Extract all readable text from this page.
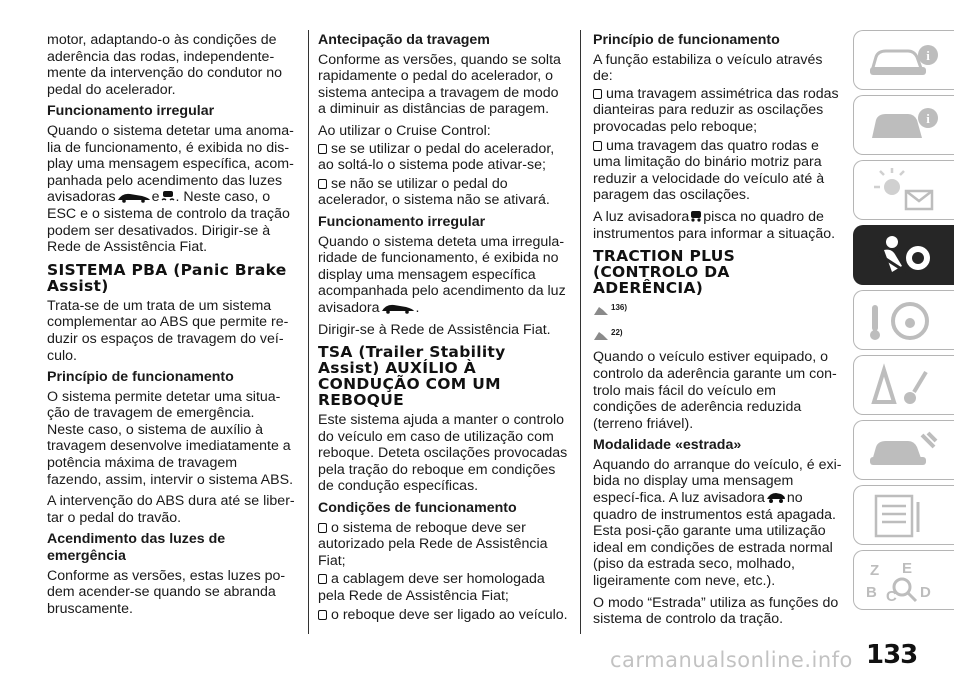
motor, adaptando-o às condições de aderência das rodas, independente-mente da intervenção do condutor no pedal do acelerador.

Funcionamento irregular

Quando o sistema detetar uma anoma-lia de funcionamento, é exibida no dis-play uma mensagem específica, acom-panhada pelo acendimento das luzes avisadoras	e . Neste caso, o ESC e o sistema de controlo da tração podem ser desativados. Dirigir-se à Rede de Assistência Fiat.

SISTEMA PBA (Panic Brake Assist)

Trata-se de um trata de um sistema complementar ao ABS que permite re-duzir os espaços de travagem do veí-culo.

Princípio de funcionamento

O sistema permite detetar uma situa-ção de travagem de emergência. Neste caso, o sistema de auxílio à travagem desenvolve imediatamente a potência máxima de travagem fazendo, assim, intervir o sistema ABS.

A intervenção do ABS dura até se liber-tar o pedal do travão.

Acendimento das luzes de emergência

Conforme as versões, estas luzes po-dem acender-se quando se abranda bruscamente.

Antecipação da travagem

Conforme as versões, quando se solta rapidamente o pedal do acelerador, o sistema antecipa a travagem de modo a diminuir as distâncias de paragem.

Ao utilizar o Cruise Control:

se se utilizar o pedal do acelerador, ao soltá-lo o sistema pode ativar-se;
se não se utilizar o pedal do acelerador, o sistema não se ativará.
Funcionamento irregular

Quando o sistema deteta uma irregula-ridade de funcionamento, é exibida no display uma mensagem específica acompanhada pelo acendimento da luz avisadora	.

Dirigir-se à Rede de Assistência Fiat.

TSA (Trailer Stability Assist) AUXÍLIO À CONDUÇÃO COM UM REBOQUE

Este sistema ajuda a manter o controlo do veículo em caso de utilização com reboque. Deteta oscilações provocadas pela tração do reboque em condições de condução específicas.

Condições de funcionamento
o sistema de reboque deve ser autorizado pela Rede de Assistência Fiat;
a cablagem deve ser homologada pela Rede de Assistência Fiat;
o reboque deve ser ligado ao veículo.
Princípio de funcionamento

A função estabiliza o veículo através de:

uma travagem assimétrica das rodas dianteiras para reduzir as oscilações provocadas pelo reboque;
uma travagem das quatro rodas e uma limitação do binário motriz para reduzir a velocidade do veículo até à paragem das oscilações.

A luz avisadora pisca no quadro de instrumentos para informar a situação.

TRACTION PLUS (CONTROLO DA ADERÊNCIA)
$^{136)}$
$^{22)}$

Quando o veículo estiver equipado, o controlo da aderência garante um con-trolo mais fácil do veículo em condições de aderência reduzida (terreno friável).

Modalidade «estrada»

Aquando do arranque do veículo, é exi-bida no display uma mensagem especí-fica. A luz avisadora no quadro de instrumentos está apagada. Esta posi-ção garante uma utilização ideal em condições de estrada normal (piso da estrada seco, molhado, ligeiramente com neve, etc.).

O modo “Estrada” utiliza as funções do sistema de controlo da tração.

i
i
Z E
B C D
carmanualsonline.info 133
